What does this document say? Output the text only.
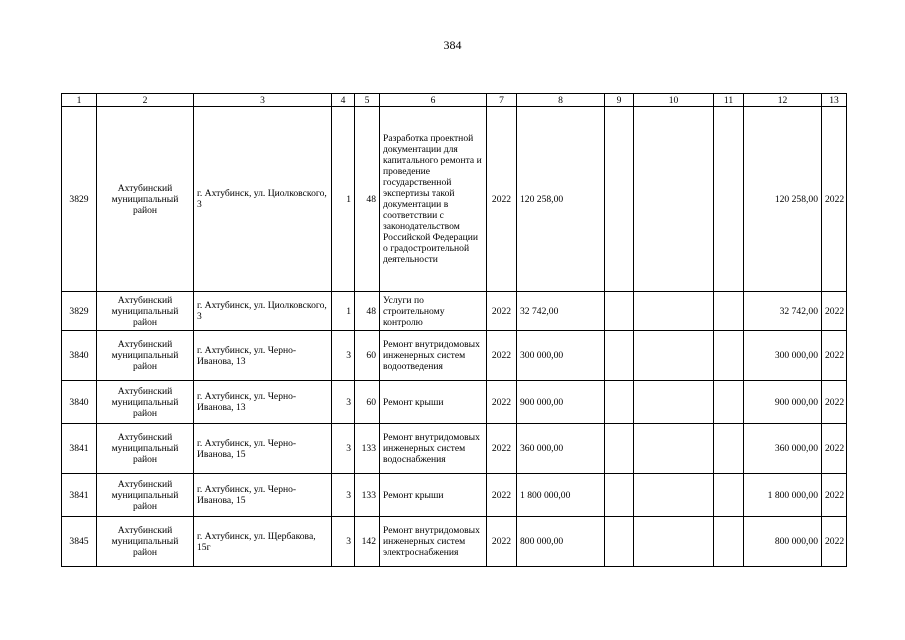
384
1	2	3	4	5	6	7	8	9	10	11	12	13
3829	Ахтубинский муниципальный район	г. Ахтубинск, ул. Циолковского, 3	1	48	Разработка проектной документации для капитального ремонта и проведение государственной экспертизы такой документации в соответствии с законодательством Российской Федерации о градостроительной деятельности	2022	120 258,00				120 258,00	2022
3829	Ахтубинский муниципальный район	г. Ахтубинск, ул. Циолковского, 3	1	48	Услуги по строительному контролю	2022	32 742,00				32 742,00	2022
3840	Ахтубинский муниципальный район	г. Ахтубинск, ул. Черно-Иванова, 13	3	60	Ремонт внутридомовых инженерных систем водоотведения	2022	300 000,00				300 000,00	2022
3840	Ахтубинский муниципальный район	г. Ахтубинск, ул. Черно-Иванова, 13	3	60	Ремонт крыши	2022	900 000,00				900 000,00	2022
3841	Ахтубинский муниципальный район	г. Ахтубинск, ул. Черно-Иванова, 15	3	133	Ремонт внутридомовых инженерных систем водоснабжения	2022	360 000,00				360 000,00	2022
3841	Ахтубинский муниципальный район	г. Ахтубинск, ул. Черно-Иванова, 15	3	133	Ремонт крыши	2022	1 800 000,00				1 800 000,00	2022
3845	Ахтубинский муниципальный район	г. Ахтубинск, ул. Щербакова, 15г	3	142	Ремонт внутридомовых инженерных систем электроснабжения	2022	800 000,00				800 000,00	2022
